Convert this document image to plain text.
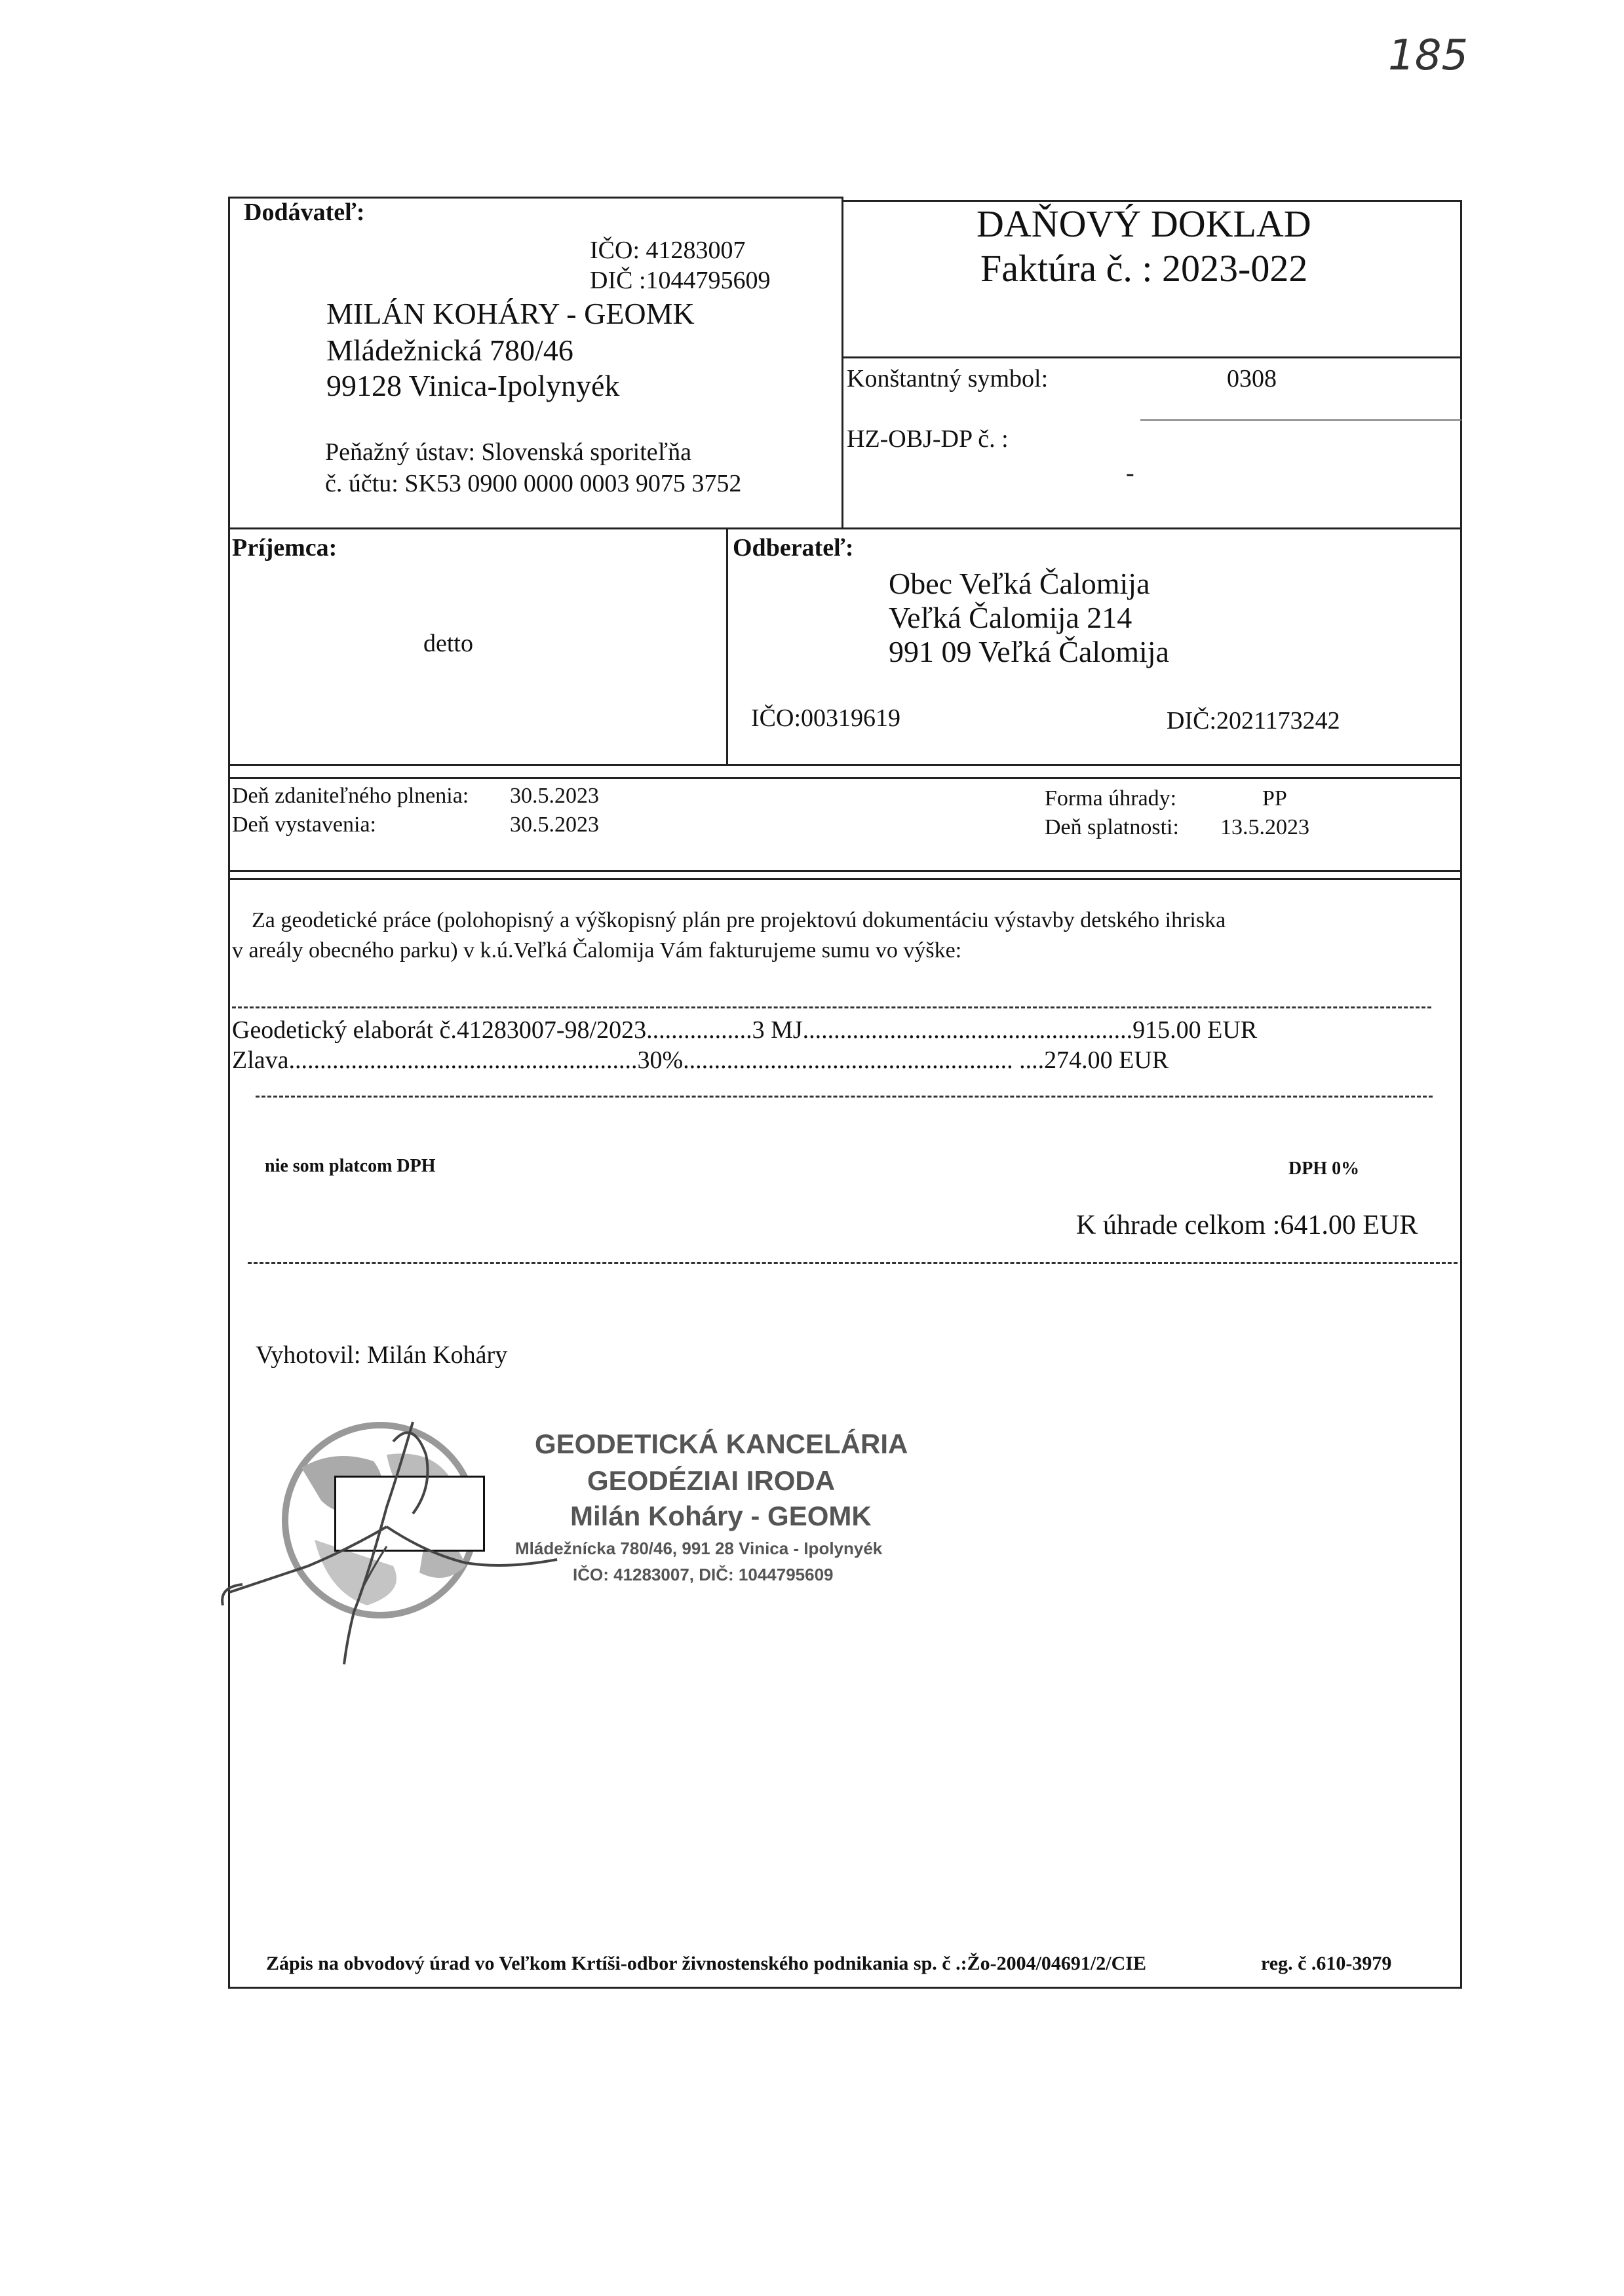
185
Dodávateľ:
IČO: 41283007
DIČ :1044795609
MILÁN KOHÁRY - GEOMK
Mládežnická 780/46
99128 Vinica-Ipolynyék
Peňažný ústav: Slovenská sporiteľňa
č. účtu: SK53 0900 0000 0003 9075 3752
DAŇOVÝ DOKLAD
Faktúra č. : 2023-022
Konštantný symbol:	0308
HZ-OBJ-DP č. :
-
Príjemca:
detto
Odberateľ:
Obec Veľká Čalomija
Veľká Čalomija 214
991 09 Veľká Čalomija
IČO:00319619	DIČ:2021173242
Deň zdaniteľného plnenia: 30.5.2023
Deň vystavenia:	30.5.2023
Forma úhrady:	PP
Deň splatnosti: 13.5.2023
Za geodetické práce (polohopisný a výškopisný plán pre projektovú dokumentáciu výstavby detského ihriska
v areály obecného parku) v k.ú.Veľká Čalomija Vám fakturujeme sumu vo výške:
Geodetický elaborát č.41283007-98/2023.................3 MJ.....................................................915.00 EUR
Zlava........................................................30%..................................................... ....274.00 EUR
nie som platcom DPH	DPH 0%
K úhrade celkom :641.00 EUR
Vyhotovil: Milán Koháry
GEODETICKÁ KANCELÁRIA
GEODÉZIAI IRODA
Milán Koháry - GEOMK
Mládežnícka 780/46, 991 28 Vinica - Ipolynyék
IČO: 41283007, DIČ: 1044795609
Zápis na obvodový úrad vo Veľkom Krtíši-odbor živnostenského podnikania sp. č .:Žo-2004/04691/2/CIE	reg. č .610-3979
